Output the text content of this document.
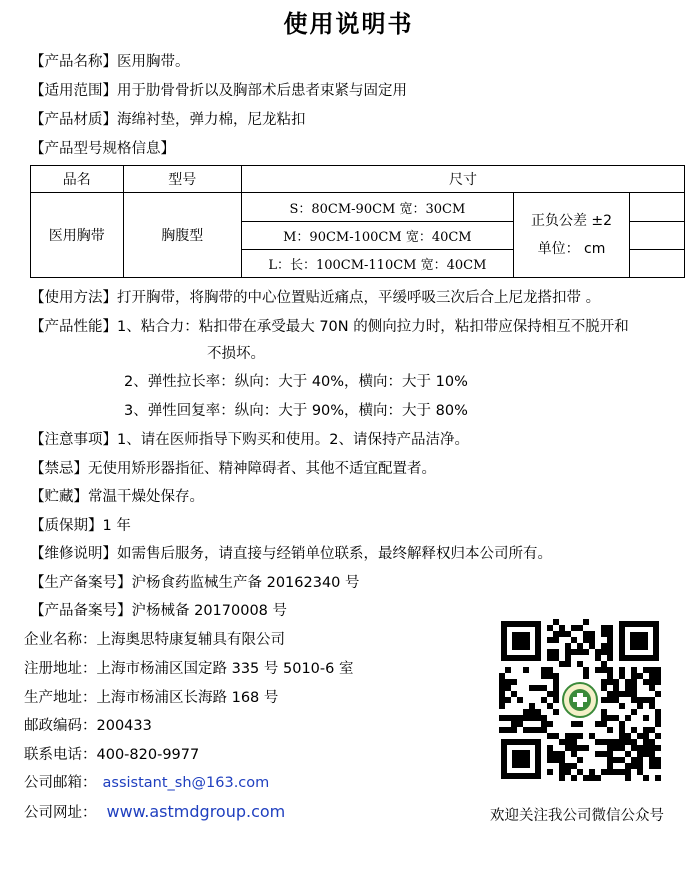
使用说明书
【产品名称】医用胸带。
【适用范围】用于肋骨骨折以及胸部术后患者束紧与固定用
【产品材质】海绵衬垫，弹力棉，尼龙粘扣
【产品型号规格信息】
品名	型号	尺寸		
医用胸带	胸腹型	S：80CM-90CM 宽：30CM	正负公差 ±2
单位： cm	

		M：90CM-100CM 宽：40CM		
		L：长：100CM-110CM 宽：40CM		
【使用方法】打开胸带，将胸带的中心位置贴近痛点，平缓呼吸三次后合上尼龙搭扣带 。
【产品性能】1、粘合力：粘扣带在承受最大 70N 的侧向拉力时，粘扣带应保持相互不脱开和
不损坏。
2、弹性拉长率：纵向：大于 40%，横向：大于 10%
3、弹性回复率：纵向：大于 90%，横向：大于 80%
【注意事项】1、请在医师指导下购买和使用。2、请保持产品洁净。
【禁忌】无使用矫形器指征、精神障碍者、其他不适宜配置者。
【贮藏】常温干燥处保存。
【质保期】1 年
【维修说明】如需售后服务，请直接与经销单位联系，最终解释权归本公司所有。
【生产备案号】沪杨食药监械生产备 20162340 号
【产品备案号】沪杨械备 20170008 号
企业名称：上海奥思特康复辅具有限公司
注册地址：上海市杨浦区国定路 335 号 5010-6 室
生产地址：上海市杨浦区长海路 168 号
邮政编码：200433
联系电话：400-820-9977
公司邮箱： assistant_sh@163.com
公司网址： www.astmdgroup.com	欢迎关注我公司微信公众号
